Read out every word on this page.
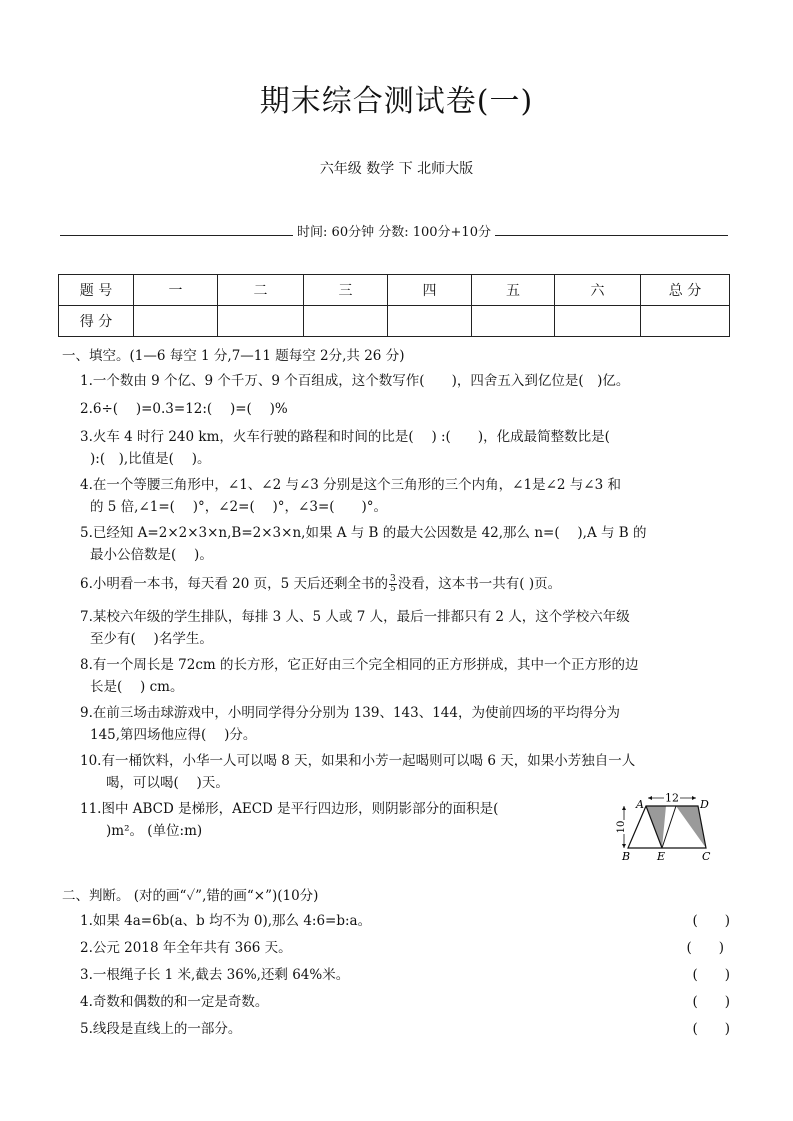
期末综合测试卷(一)
六年级 数学 下 北师大版
时间: 60分钟 分数: 100分+10分
题 号	一	二	三	四	五	六	总 分
得 分							
一、填空。(1—6 每空 1 分,7—11 题每空 2分,共 26 分)
1.一个数由 9 个亿、9 个千万、9 个百组成，这个数写作(　　)，四舍五入到亿位是(　)亿。
2.6÷(　 )=0.3=12:(　 )=(　 )%
3.火车 4 时行 240 km，火车行驶的路程和时间的比是(　 ) :(　　)，化成最简整数比是(
):(　),比值是(　 )。
4.在一个等腰三角形中，∠1、∠2 与∠3 分别是这个三角形的三个内角，∠1是∠2 与∠3 和
的 5 倍,∠1=(　 )°，∠2=(　 )°，∠3=(　　)°。
5.已经知 A=2×2×3×n,B=2×3×n,如果 A 与 B 的最大公因数是 42,那么 n=(　 ),A 与 B 的
最小公倍数是(　 )。
6.小明看一本书，每天看 20 页，5 天后还剩全书的 $\frac{3}{5}$ 没看，这本书一共有( )页。
7.某校六年级的学生排队，每排 3 人、5 人或 7 人，最后一排都只有 2 人，这个学校六年级
至少有(　 )名学生。
8.有一个周长是 72cm 的长方形，它正好由三个完全相同的正方形拼成，其中一个正方形的边
长是(　 ) cm。
9.在前三场击球游戏中，小明同学得分分别为 139、143、144，为使前四场的平均得分为
145,第四场他应得(　 )分。
10.有一桶饮料，小华一人可以喝 8 天，如果和小芳一起喝则可以喝 6 天，如果小芳独自一人
喝，可以喝(　 )天。
11.图中 ABCD 是梯形，AECD 是平行四边形，则阴影部分的面积是(
)m²。 (单位:m)
12
10
A	D
B E	C
二、判断。 (对的画“✓”,错的画“×”)(10分)
1.如果 4a=6b(a、b 均不为 0),那么 4:6=b:a。	(　　)
2.公元 2018 年全年共有 366 天。	(　　)
3.一根绳子长 1 米,截去 36%,还剩 64%米。	(　　)
4.奇数和偶数的和一定是奇数。	(　　)
5.线段是直线上的一部分。	(　　)
